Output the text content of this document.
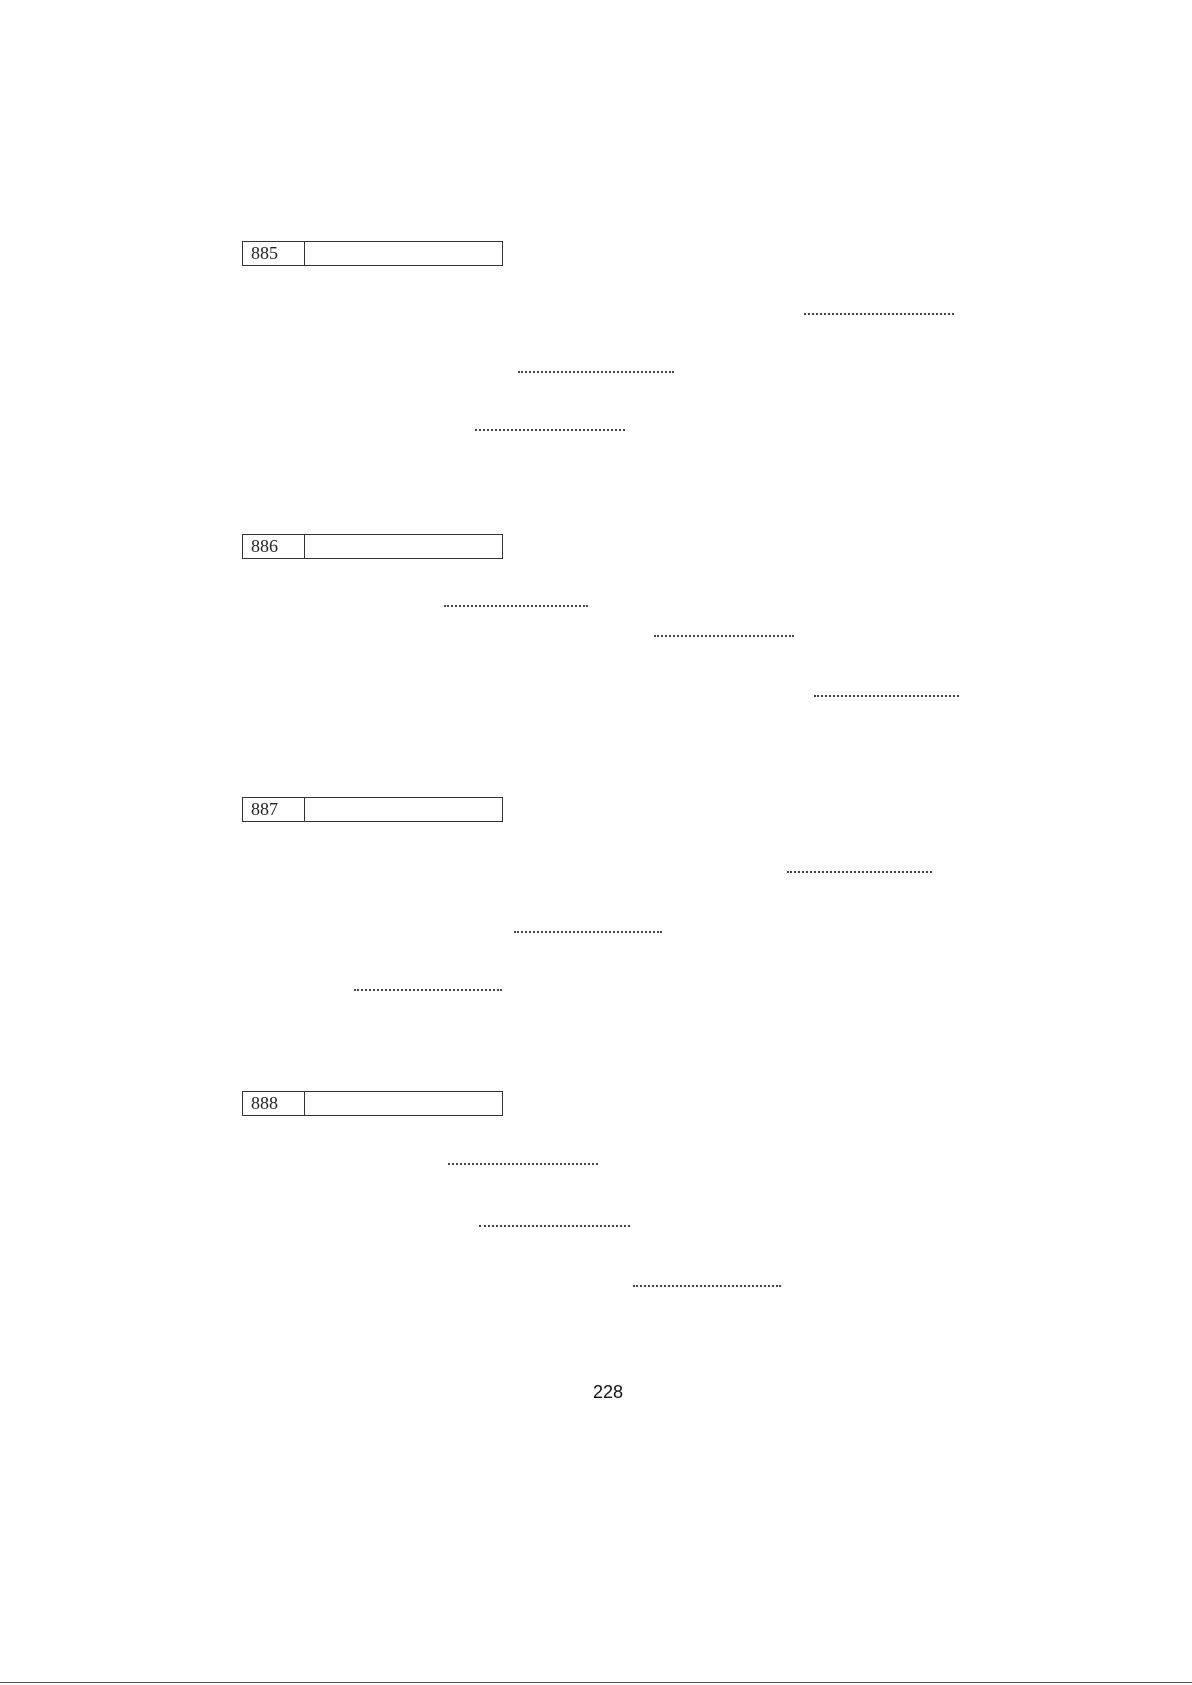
885
886
887
888
228
